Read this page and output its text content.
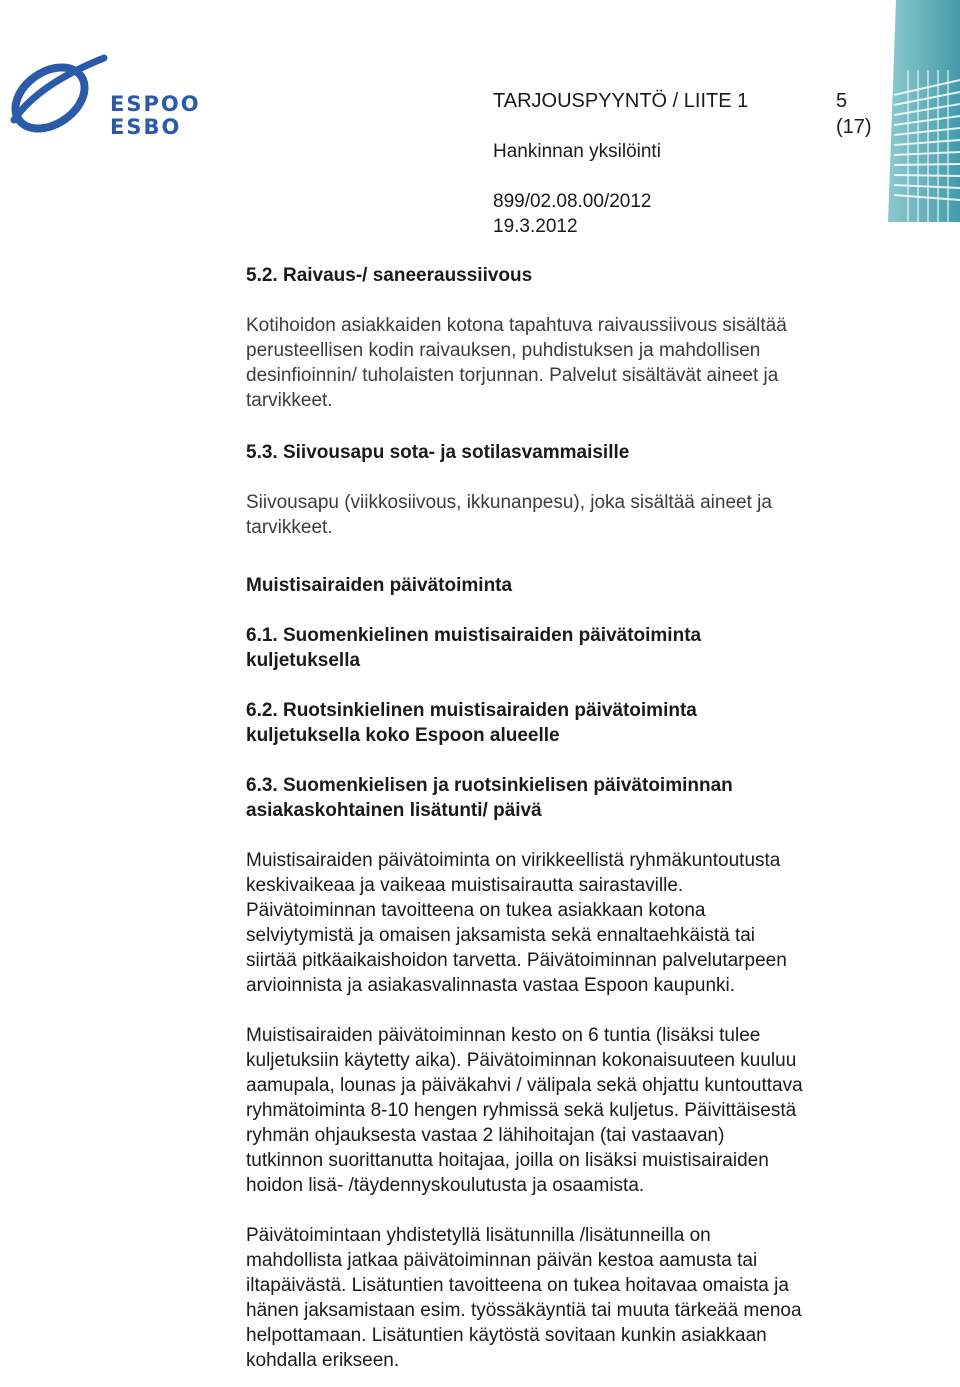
ESPOO
ESBO
TARJOUSPYYNTÖ / LIITE 1	5
(17)
Hankinnan yksilöinti
899/02.08.00/2012
19.3.2012
5.2. Raivaus-/ saneeraussiivous

Kotihoidon asiakkaiden kotona tapahtuva raivaussiivous sisältää
perusteellisen kodin raivauksen, puhdistuksen ja mahdollisen
desinfioinnin/ tuholaisten torjunnan. Palvelut sisältävät aineet ja
tarvikkeet.

5.3. Siivousapu sota- ja sotilasvammaisille

Siivousapu (viikkosiivous, ikkunanpesu), joka sisältää aineet ja
tarvikkeet.

Muistisairaiden päivätoiminta
6.1. Suomenkielinen muistisairaiden päivätoiminta
kuljetuksella
6.2. Ruotsinkielinen muistisairaiden päivätoiminta
kuljetuksella koko Espoon alueelle
6.3. Suomenkielisen ja ruotsinkielisen päivätoiminnan
asiakaskohtainen lisätunti/ päivä

Muistisairaiden päivätoiminta on virikkeellistä ryhmäkuntoutusta
keskivaikeaa ja vaikeaa muistisairautta sairastaville.
Päivätoiminnan tavoitteena on tukea asiakkaan kotona
selviytymistä ja omaisen jaksamista sekä ennaltaehkäistä tai
siirtää pitkäaikaishoidon tarvetta. Päivätoiminnan palvelutarpeen
arvioinnista ja asiakasvalinnasta vastaa Espoon kaupunki.

Muistisairaiden päivätoiminnan kesto on 6 tuntia (lisäksi tulee
kuljetuksiin käytetty aika). Päivätoiminnan kokonaisuuteen kuuluu
aamupala, lounas ja päiväkahvi / välipala sekä ohjattu kuntouttava
ryhmätoiminta 8-10 hengen ryhmissä sekä kuljetus. Päivittäisestä
ryhmän ohjauksesta vastaa 2 lähihoitajan (tai vastaavan)
tutkinnon suorittanutta hoitajaa, joilla on lisäksi muistisairaiden
hoidon lisä- /täydennyskoulutusta ja osaamista.

Päivätoimintaan yhdistetyllä lisätunnilla /lisätunneilla on
mahdollista jatkaa päivätoiminnan päivän kestoa aamusta tai
iltapäivästä. Lisätuntien tavoitteena on tukea hoitavaa omaista ja
hänen jaksamistaan esim. työssäkäyntiä tai muuta tärkeää menoa
helpottamaan. Lisätuntien käytöstä sovitaan kunkin asiakkaan
kohdalla erikseen.
